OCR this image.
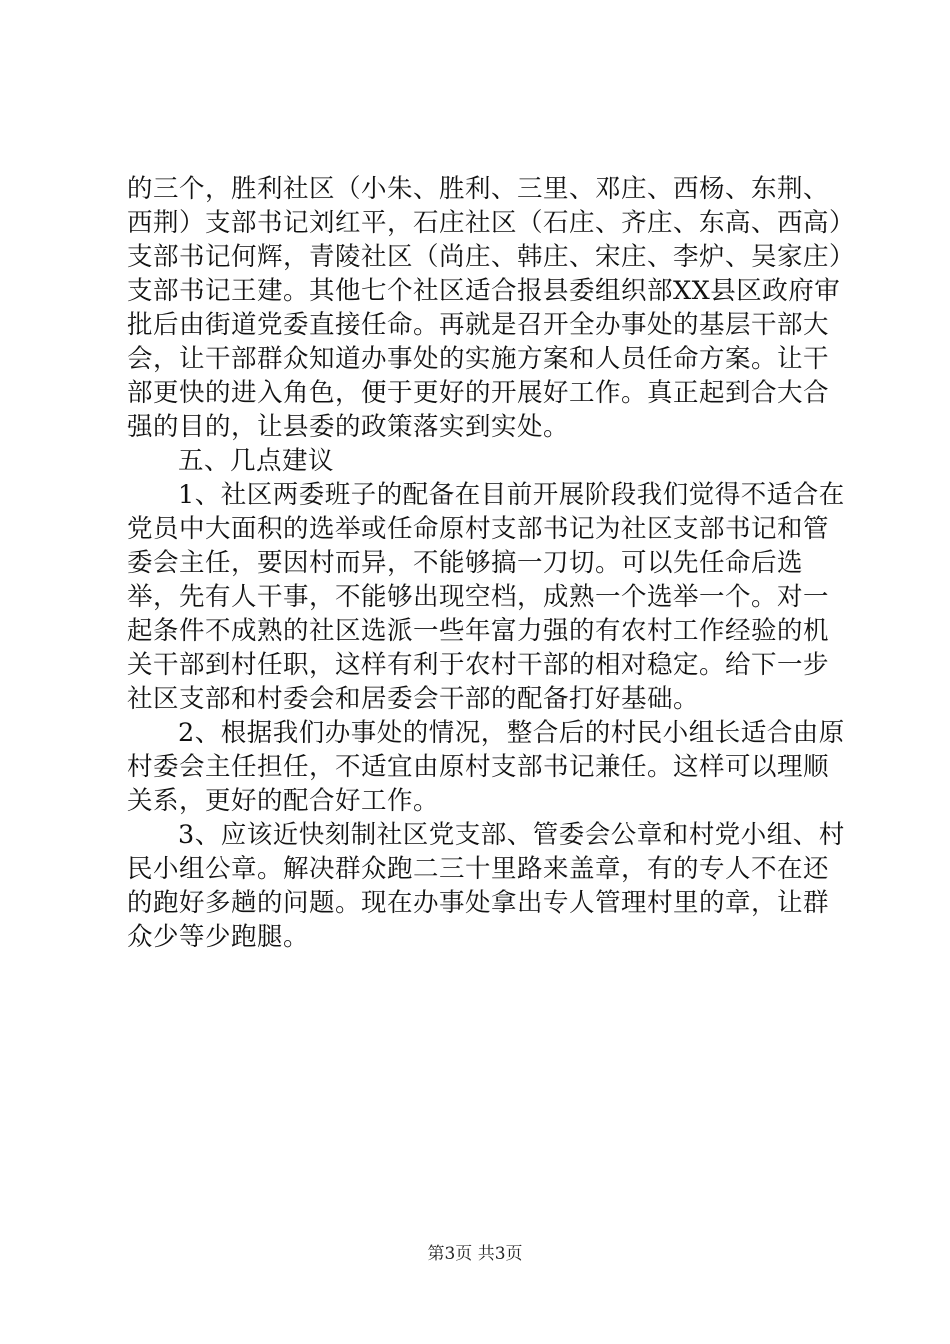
的三个，胜利社区（小朱、胜利、三里、邓庄、西杨、东荆、西荆）支部书记刘红平，石庄社区（石庄、齐庄、东高、西高）支部书记何辉，青陵社区（尚庄、韩庄、宋庄、李炉、吴家庄）支部书记王建。其他七个社区适合报县委组织部XX县区政府审批后由街道党委直接任命。再就是召开全办事处的基层干部大会，让干部群众知道办事处的实施方案和人员任命方案。让干部更快的进入角色，便于更好的开展好工作。真正起到合大合强的目的，让县委的政策落实到实处。

五、几点建议

1、社区两委班子的配备在目前开展阶段我们觉得不适合在党员中大面积的选举或任命原村支部书记为社区支部书记和管委会主任，要因村而异，不能够搞一刀切。可以先任命后选举，先有人干事，不能够出现空档，成熟一个选举一个。对一起条件不成熟的社区选派一些年富力强的有农村工作经验的机关干部到村任职，这样有利于农村干部的相对稳定。给下一步社区支部和村委会和居委会干部的配备打好基础。

2、根据我们办事处的情况，整合后的村民小组长适合由原村委会主任担任，不适宜由原村支部书记兼任。这样可以理顺关系，更好的配合好工作。

3、应该近快刻制社区党支部、管委会公章和村党小组、村民小组公章。解决群众跑二三十里路来盖章，有的专人不在还的跑好多趟的问题。现在办事处拿出专人管理村里的章，让群众少等少跑腿。

第3页 共3页
